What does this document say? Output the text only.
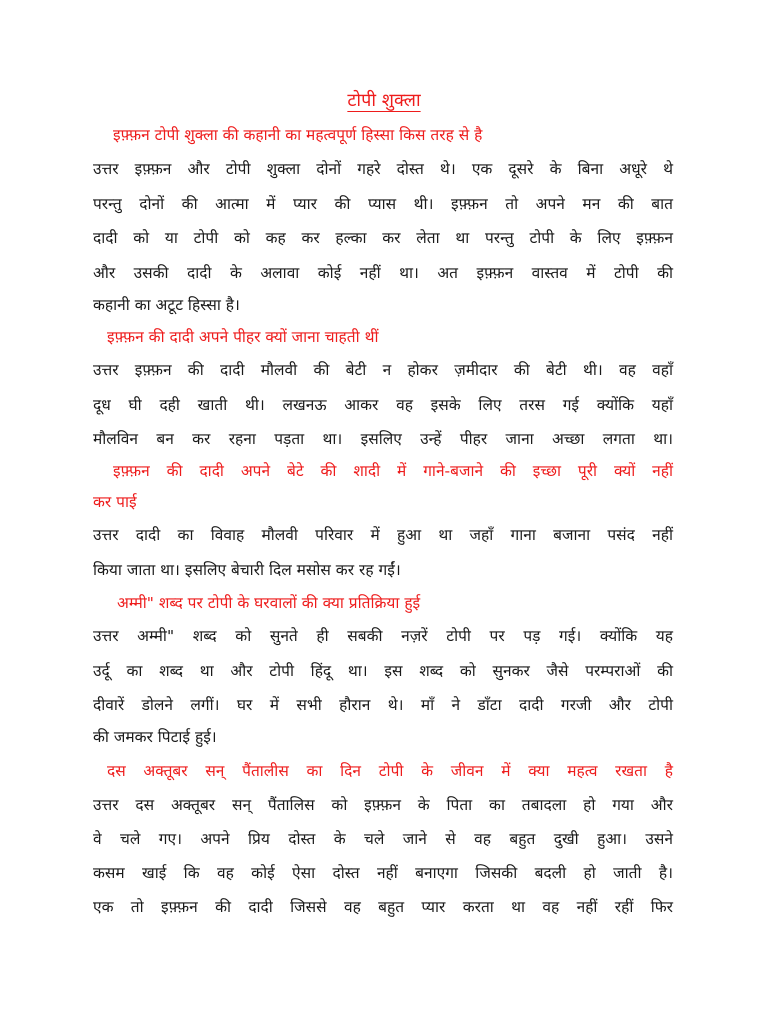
टोपी शुक्ला
इफ़्फ़न टोपी शुक्ला की कहानी का महत्वपूर्ण हिस्सा किस तरह से है
उत्तर इफ़्फ़न और टोपी शुक्ला दोनों गहरे दोस्त थे। एक दूसरे के बिना अधूरे थे
परन्तु दोनों की आत्मा में प्यार की प्यास थी। इफ़्फ़न तो अपने मन की बात
दादी को या टोपी को कह कर हल्का कर लेता था परन्तु टोपी के लिए इफ़्फ़न
और उसकी दादी के अलावा कोई नहीं था। अत इफ़्फ़न वास्तव में टोपी की
कहानी का अटूट हिस्सा है।
इफ़्फ़न की दादी अपने पीहर क्यों जाना चाहती थीं
उत्तर इफ़्फ़न की दादी मौलवी की बेटी न होकर ज़मीदार की बेटी थी। वह वहाँ
दूध घी दही खाती थी। लखनऊ आकर वह इसके लिए तरस गई क्योंकि यहाँ
मौलविन बन कर रहना पड़ता था। इसलिए उन्हें पीहर जाना अच्छा लगता था।
इफ़्फ़न की दादी अपने बेटे की शादी में गाने-बजाने की इच्छा पूरी क्यों नहीं
कर पाई
उत्तर दादी का विवाह मौलवी परिवार में हुआ था जहाँ गाना बजाना पसंद नहीं
किया जाता था। इसलिए बेचारी दिल मसोस कर रह गईं।
अम्मी" शब्द पर टोपी के घरवालों की क्या प्रतिक्रिया हुई
उत्तर अम्मी" शब्द को सुनते ही सबकी नज़रें टोपी पर पड़ गई। क्योंकि यह
उर्दू का शब्द था और टोपी हिंदू था। इस शब्द को सुनकर जैसे परम्पराओं की
दीवारें डोलने लगीं। घर में सभी हौरान थे। माँ ने डाँटा दादी गरजी और टोपी
की जमकर पिटाई हुई।
दस अक्तूबर सन् पैंतालीस का दिन टोपी के जीवन में क्या महत्व रखता है
उत्तर दस अक्तूबर सन् पैंतालिस को इफ़्फ़न के पिता का तबादला हो गया और
वे चले गए। अपने प्रिय दोस्त के चले जाने से वह बहुत दुखी हुआ। उसने
कसम खाई कि वह कोई ऐसा दोस्त नहीं बनाएगा जिसकी बदली हो जाती है।
एक तो इफ़्फ़न की दादी जिससे वह बहुत प्यार करता था वह नहीं रहीं फिर
